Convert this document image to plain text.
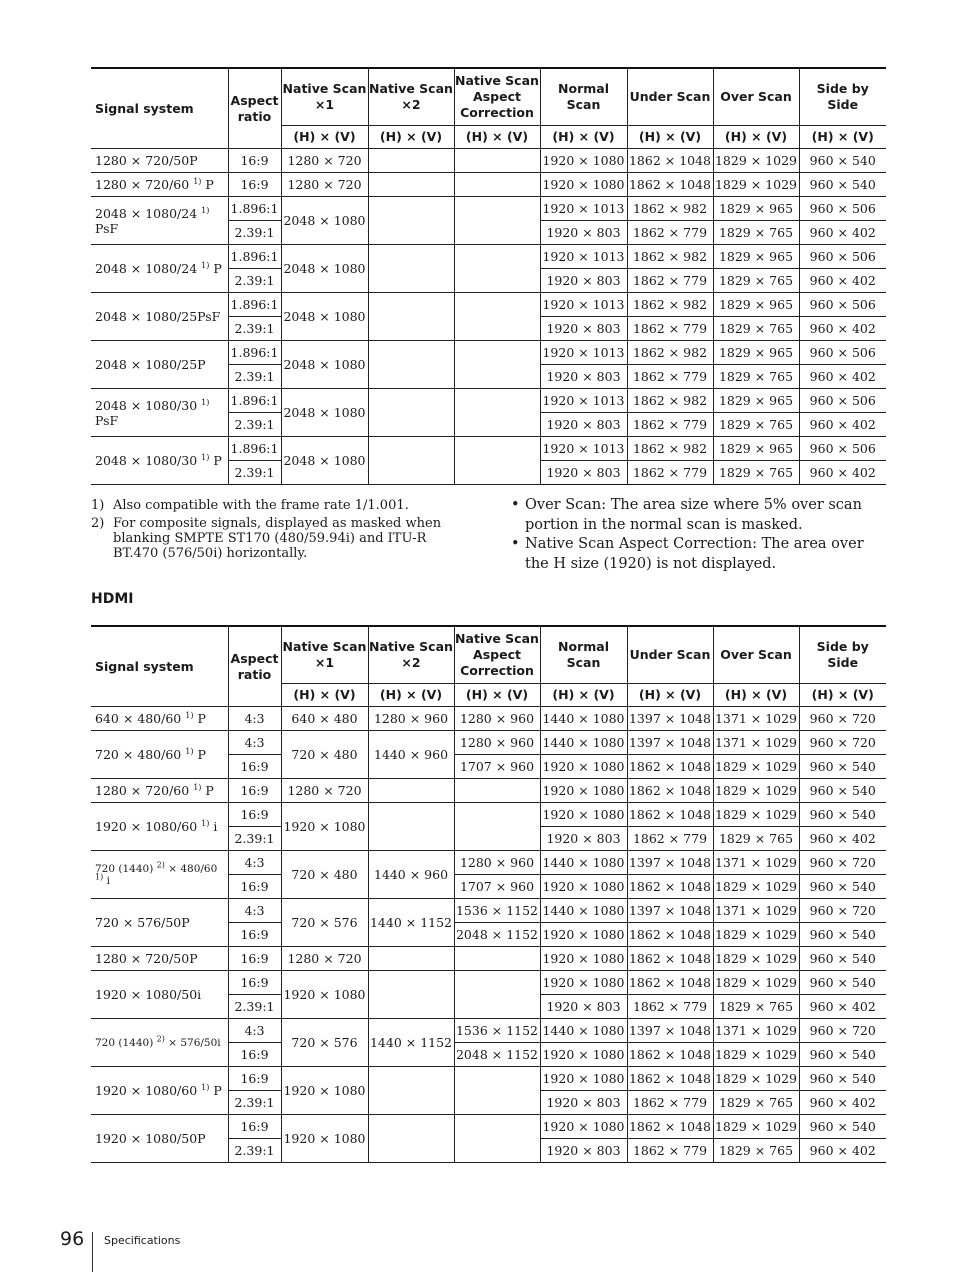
Signal system	Aspect ratio	Native Scan ×1	Native Scan ×2	Native Scan Aspect Correction	Normal Scan	Under Scan	Over Scan	Side by Side
		(H) × (V)	(H) × (V)	(H) × (V)	(H) × (V)	(H) × (V)	(H) × (V)	(H) × (V)
1280 × 720/50P	16:9	1280 × 720			1920 × 1080	1862 × 1048	1829 × 1029	960 × 540
1280 × 720/60 $^{1)}$ P	16:9	1280 × 720			1920 × 1080	1862 × 1048	1829 × 1029	960 × 540
2048 × 1080/24 $^{1)}$ PsF	1.896:1	2048 × 1080			1920 × 1013	1862 × 982	1829 × 965	960 × 506
	2.39:1				1920 × 803	1862 × 779	1829 × 765	960 × 402
2048 × 1080/24 $^{1)}$ P	1.896:1	2048 × 1080			1920 × 1013	1862 × 982	1829 × 965	960 × 506
	2.39:1				1920 × 803	1862 × 779	1829 × 765	960 × 402
2048 × 1080/25PsF	1.896:1	2048 × 1080			1920 × 1013	1862 × 982	1829 × 965	960 × 506
	2.39:1				1920 × 803	1862 × 779	1829 × 765	960 × 402
2048 × 1080/25P	1.896:1	2048 × 1080			1920 × 1013	1862 × 982	1829 × 965	960 × 506
	2.39:1				1920 × 803	1862 × 779	1829 × 765	960 × 402
2048 × 1080/30 $^{1)}$ PsF	1.896:1	2048 × 1080			1920 × 1013	1862 × 982	1829 × 965	960 × 506
	2.39:1				1920 × 803	1862 × 779	1829 × 765	960 × 402
2048 × 1080/30 $^{1)}$ P	1.896:1	2048 × 1080			1920 × 1013	1862 × 982	1829 × 965	960 × 506
	2.39:1				1920 × 803	1862 × 779	1829 × 765	960 × 402
1) Also compatible with the frame rate 1/1.001.
2) For composite signals, displayed as masked when blanking SMPTE ST170 (480/59.94i) and ITU-R BT.470 (576/50i) horizontally.
• Over Scan: The area size where 5% over scan portion in the normal scan is masked.
• Native Scan Aspect Correction: The area over the H size (1920) is not displayed.
HDMI
Signal system	Aspect ratio	Native Scan ×1	Native Scan ×2	Native Scan Aspect Correction	Normal Scan	Under Scan	Over Scan	Side by Side
		(H) × (V)	(H) × (V)	(H) × (V)	(H) × (V)	(H) × (V)	(H) × (V)	(H) × (V)
640 × 480/60 $^{1)}$ P	4:3	640 × 480	1280 × 960	1280 × 960	1440 × 1080	1397 × 1048	1371 × 1029	960 × 720
720 × 480/60 $^{1)}$ P	4:3	720 × 480	1440 × 960	1280 × 960	1440 × 1080	1397 × 1048	1371 × 1029	960 × 720
	16:9			1707 × 960	1920 × 1080	1862 × 1048	1829 × 1029	960 × 540
1280 × 720/60 $^{1)}$ P	16:9	1280 × 720			1920 × 1080	1862 × 1048	1829 × 1029	960 × 540
1920 × 1080/60 $^{1)}$ i	16:9	1920 × 1080			1920 × 1080	1862 × 1048	1829 × 1029	960 × 540
	2.39:1				1920 × 803	1862 × 779	1829 × 765	960 × 402
720 (1440) $^{2)}$ × 480/60 $^{1)}$ i	4:3	720 × 480	1440 × 960	1280 × 960	1440 × 1080	1397 × 1048	1371 × 1029	960 × 720
	16:9			1707 × 960	1920 × 1080	1862 × 1048	1829 × 1029	960 × 540
720 × 576/50P	4:3	720 × 576	1440 × 1152	1536 × 1152	1440 × 1080	1397 × 1048	1371 × 1029	960 × 720
	16:9			2048 × 1152	1920 × 1080	1862 × 1048	1829 × 1029	960 × 540
1280 × 720/50P	16:9	1280 × 720			1920 × 1080	1862 × 1048	1829 × 1029	960 × 540
1920 × 1080/50i	16:9	1920 × 1080			1920 × 1080	1862 × 1048	1829 × 1029	960 × 540
	2.39:1				1920 × 803	1862 × 779	1829 × 765	960 × 402
720 (1440) $^{2)}$ × 576/50i	4:3	720 × 576	1440 × 1152	1536 × 1152	1440 × 1080	1397 × 1048	1371 × 1029	960 × 720
	16:9			2048 × 1152	1920 × 1080	1862 × 1048	1829 × 1029	960 × 540
1920 × 1080/60 $^{1)}$ P	16:9	1920 × 1080			1920 × 1080	1862 × 1048	1829 × 1029	960 × 540
	2.39:1				1920 × 803	1862 × 779	1829 × 765	960 × 402
1920 × 1080/50P	16:9	1920 × 1080			1920 × 1080	1862 × 1048	1829 × 1029	960 × 540
	2.39:1				1920 × 803	1862 × 779	1829 × 765	960 × 402
96 Specifications
